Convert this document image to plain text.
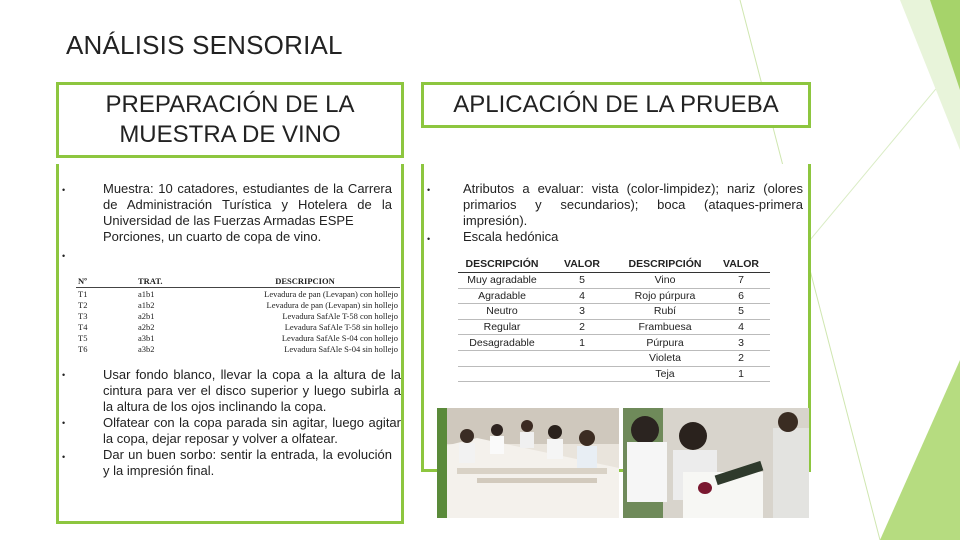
ANÁLISIS SENSORIAL
PREPARACIÓN DE LA MUESTRA DE VINO
•
•

Muestra: 10 catadores, estudiantes de la Carrera de Administración Turística y Hotelera de la Universidad de las Fuerzas Armadas ESPE

Porciones, un cuarto de copa de vino.

Nº	TRAT.	DESCRIPCION
T1	a1b1	Levadura de pan (Levapan) con hollejo
T2	a1b2	Levadura de pan (Levapan) sin hollejo
T3	a2b1	Levadura SafAle T-58 con hollejo
T4	a2b2	Levadura SafAle T-58 sin hollejo
T5	a3b1	Levadura SafAle S-04 con hollejo
T6	a3b2	Levadura SafAle S-04 sin hollejo
•
•
•

Usar fondo blanco, llevar la copa a la altura de la cintura para ver el disco superior y luego subirla a la altura de los ojos inclinando la copa.

Olfatear con la copa parada sin agitar, luego agitar la copa, dejar reposar y volver a olfatear.

Dar un buen sorbo: sentir la entrada, la evolución y la impresión final.

APLICACIÓN DE LA PRUEBA
•
•

Atributos a evaluar: vista (color-limpidez); nariz (olores primarios y secundarios); boca (ataques-primera impresión).

Escala hedónica

DESCRIPCIÓN	VALOR	DESCRIPCIÓN	VALOR
Muy agradable	5	Vino	7
Agradable	4	Rojo púrpura	6
Neutro	3	Rubí	5
Regular	2	Frambuesa	4
Desagradable	1	Púrpura	3
		Violeta	2
		Teja	1
